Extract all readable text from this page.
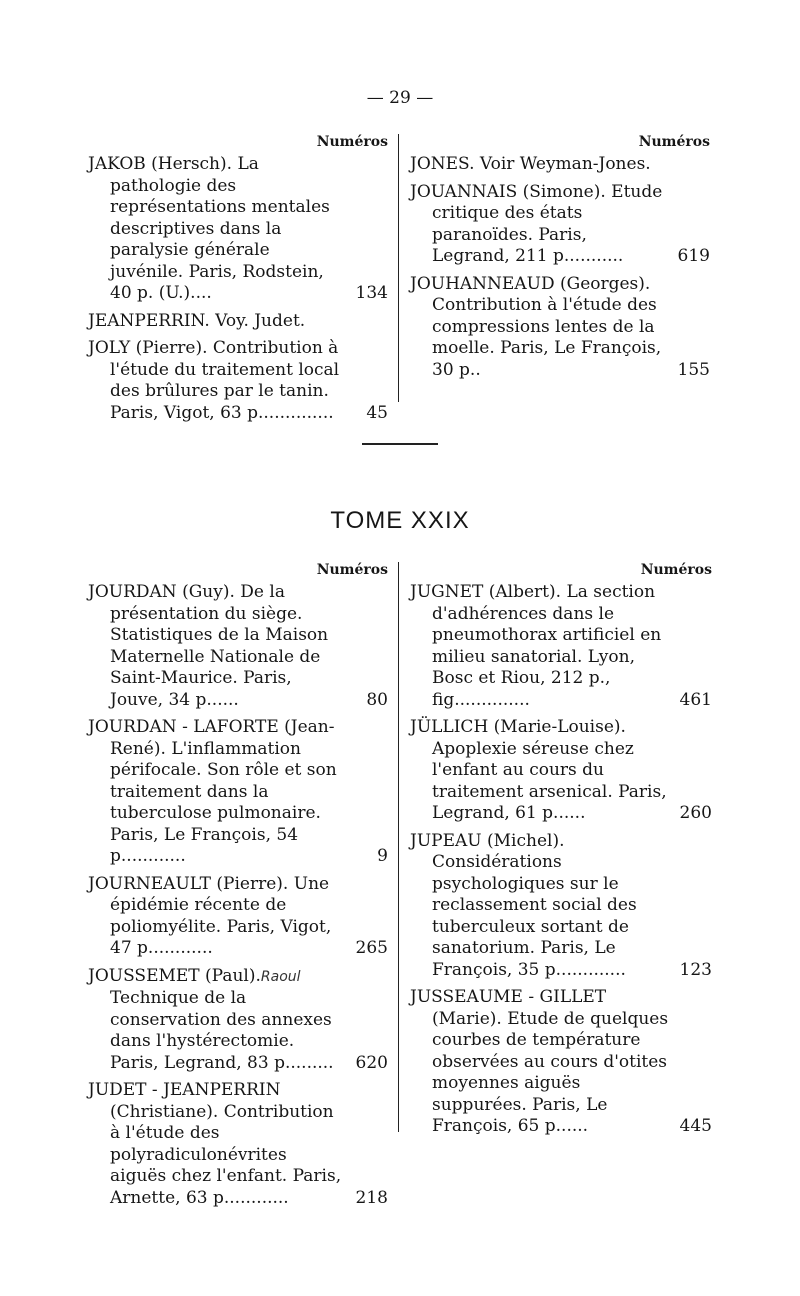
— 29 —
Numéros
JAKOB (Hersch). La pathologie des représentations mentales descriptives dans la paralysie générale juvénile. Paris, Rodstein, 40 p. (U.)....	134
JEANPERRIN. Voy. Judet.
JOLY (Pierre). Contribution à l'étude du traitement local des brûlures par le tanin. Paris, Vigot, 63 p..............	45
Numéros
JONES. Voir Weyman-Jones.
JOUANNAIS (Simone). Etude critique des états paranoïdes. Paris, Legrand, 211 p...........	619
JOUHANNEAUD (Georges). Contribution à l'étude des compressions lentes de la moelle. Paris, Le François, 30 p..	155
TOME XXIX
Numéros
JOURDAN (Guy). De la présentation du siège. Statistiques de la Maison Maternelle Nationale de Saint-Maurice. Paris, Jouve, 34 p......	80
JOURDAN - LAFORTE (Jean-René). L'inflammation périfocale. Son rôle et son traitement dans la tuberculose pulmonaire. Paris, Le François, 54 p............	9
JOURNEAULT (Pierre). Une épidémie récente de poliomyélite. Paris, Vigot, 47 p............	265
JOUSSEMET (Paul).Raoul Technique de la conservation des annexes dans l'hystérectomie. Paris, Legrand, 83 p.........	620
JUDET - JEANPERRIN (Christiane). Contribution à l'étude des polyradiculonévrites aiguës chez l'enfant. Paris, Arnette, 63 p............	218
Numéros
JUGNET (Albert). La section d'adhérences dans le pneumothorax artificiel en milieu sanatorial. Lyon, Bosc et Riou, 212 p., fig..............	461
JÜLLICH (Marie-Louise). Apoplexie séreuse chez l'enfant au cours du traitement arsenical. Paris, Legrand, 61 p......	260
JUPEAU (Michel). Considérations psychologiques sur le reclassement social des tuberculeux sortant de sanatorium. Paris, Le François, 35 p.............	123
JUSSEAUME - GILLET (Marie). Etude de quelques courbes de température observées au cours d'otites moyennes aiguës suppurées. Paris, Le François, 65 p......	445
